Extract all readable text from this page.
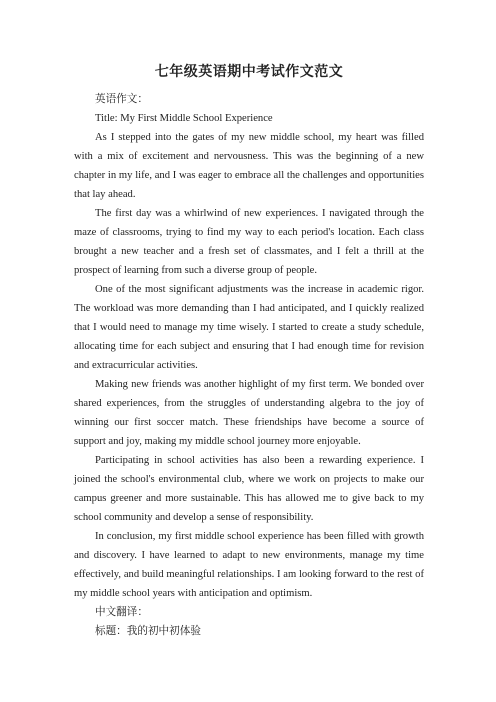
七年级英语期中考试作文范文

英语作文：

Title: My First Middle School Experience

As I stepped into the gates of my new middle school, my heart was filled with a mix of excitement and nervousness. This was the beginning of a new chapter in my life, and I was eager to embrace all the challenges and opportunities that lay ahead.

The first day was a whirlwind of new experiences. I navigated through the maze of classrooms, trying to find my way to each period's location. Each class brought a new teacher and a fresh set of classmates, and I felt a thrill at the prospect of learning from such a diverse group of people.

One of the most significant adjustments was the increase in academic rigor. The workload was more demanding than I had anticipated, and I quickly realized that I would need to manage my time wisely. I started to create a study schedule, allocating time for each subject and ensuring that I had enough time for revision and extracurricular activities.

Making new friends was another highlight of my first term. We bonded over shared experiences, from the struggles of understanding algebra to the joy of winning our first soccer match. These friendships have become a source of support and joy, making my middle school journey more enjoyable.

Participating in school activities has also been a rewarding experience. I joined the school's environmental club, where we work on projects to make our campus greener and more sustainable. This has allowed me to give back to my school community and develop a sense of responsibility.

In conclusion, my first middle school experience has been filled with growth and discovery. I have learned to adapt to new environments, manage my time effectively, and build meaningful relationships. I am looking forward to the rest of my middle school years with anticipation and optimism.

中文翻译：

标题：我的初中初体验
